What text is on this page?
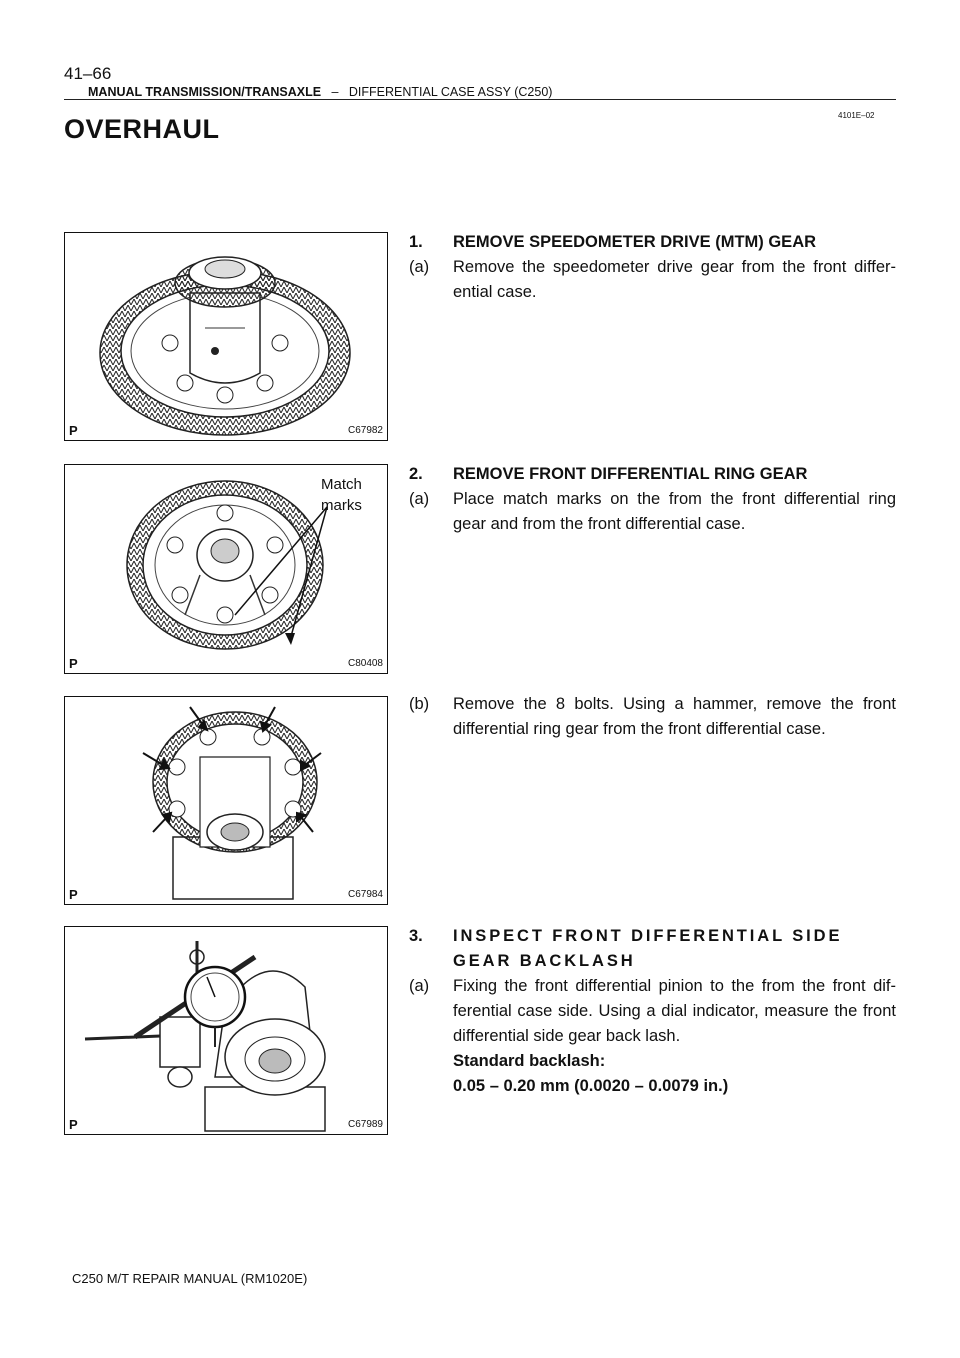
41–66
MANUAL TRANSMISSION/TRANSAXLE – DIFFERENTIAL CASE ASSY (C250)
4101E–02
OVERHAUL
P	C67982
Match
marks
P	C80408
P	C67984
P	C67989
1.	REMOVE SPEEDOMETER DRIVE (MTM) GEAR
(a)	Remove the speedometer drive gear from the front differ- ential case.
2.	REMOVE FRONT DIFFERENTIAL RING GEAR
(a)	Place match marks on the from the front differential ring gear and from the front differential case.
(b)	Remove the 8 bolts. Using a hammer, remove the front differential ring gear from the front differential case.
3.	INSPECT FRONT DIFFERENTIAL SIDE GEAR BACKLASH
(a)	Fixing the front differential pinion to the from the front dif- ferential case side. Using a dial indicator, measure the front differential side gear back lash.
Standard backlash:
0.05 – 0.20 mm (0.0020 – 0.0079 in.)
C250 M/T REPAIR MANUAL (RM1020E)
